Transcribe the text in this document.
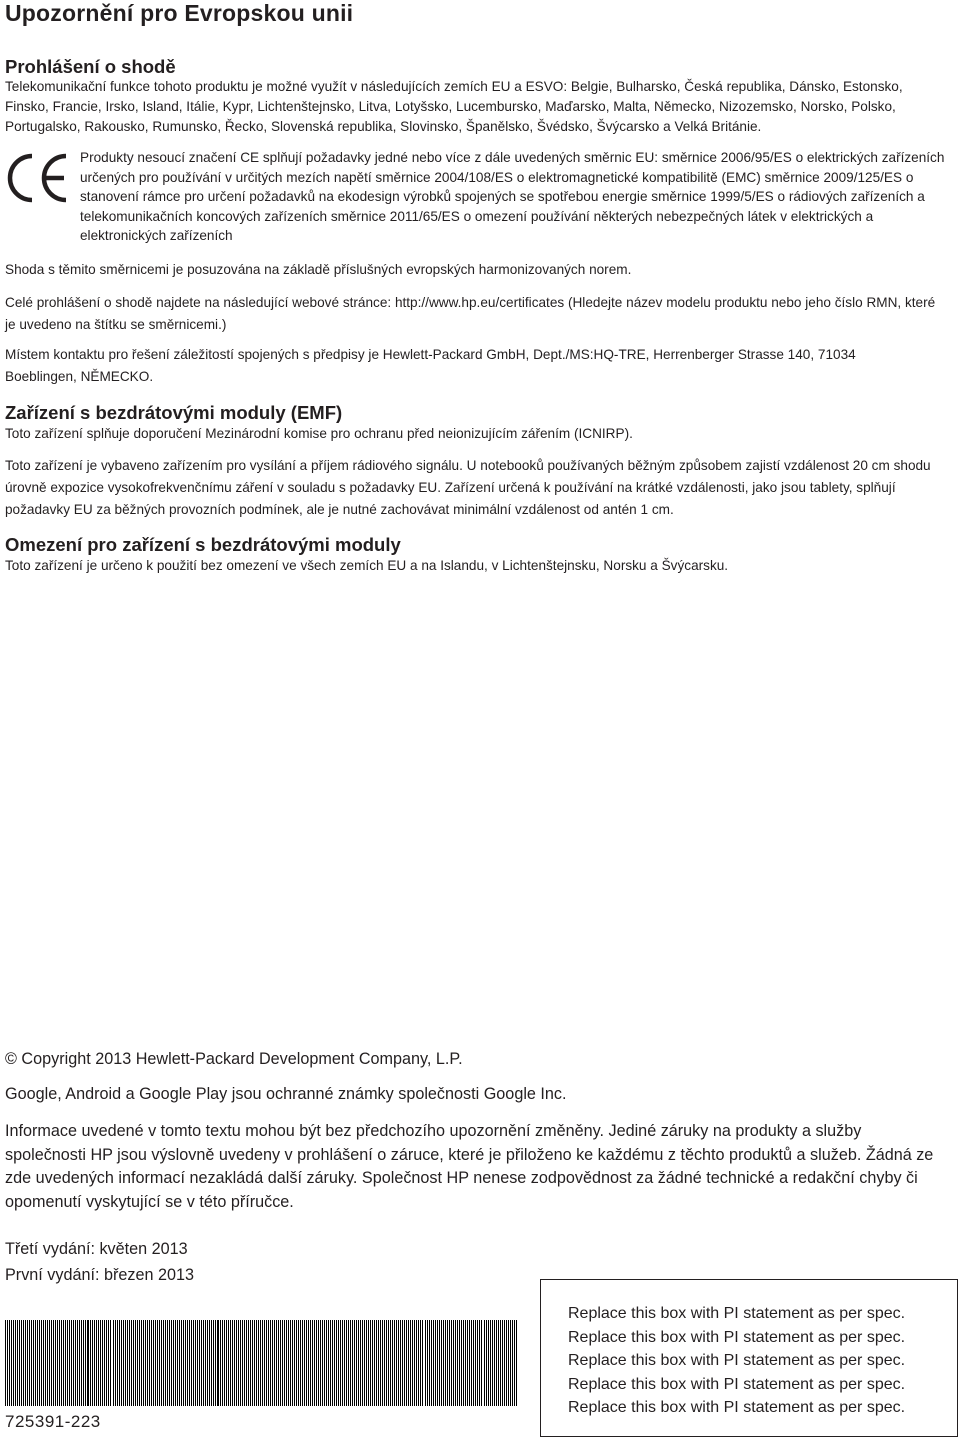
Upozornění pro Evropskou unii
Prohlášení o shodě
Telekomunikační funkce tohoto produktu je možné využít v následujících zemích EU a ESVO: Belgie, Bulharsko, Česká republika, Dánsko, Estonsko, Finsko, Francie, Irsko, Island, Itálie, Kypr, Lichtenštejnsko, Litva, Lotyšsko, Lucembursko, Maďarsko, Malta, Německo, Nizozemsko, Norsko, Polsko, Portugalsko, Rakousko, Rumunsko, Řecko, Slovenská republika, Slovinsko, Španělsko, Švédsko, Švýcarsko a Velká Británie.
Produkty nesoucí značení CE splňují požadavky jedné nebo více z dále uvedených směrnic EU: směrnice 2006/95/ES o elektrických zařízeních určených pro používání v určitých mezích napětí směrnice 2004/108/ES o elektromagnetické kompatibilitě (EMC) směrnice 2009/125/ES o stanovení rámce pro určení požadavků na ekodesign výrobků spojených se spotřebou energie směrnice 1999/5/ES o rádiových zařízeních a telekomunikačních koncových zařízeních směrnice 2011/65/ES o omezení používání některých nebezpečných látek v elektrických a elektronických zařízeních
Shoda s těmito směrnicemi je posuzována na základě příslušných evropských harmonizovaných norem.
Celé prohlášení o shodě najdete na následující webové stránce: http://www.hp.eu/certificates (Hledejte název modelu produktu nebo jeho číslo RMN, které je uvedeno na štítku se směrnicemi.)
Místem kontaktu pro řešení záležitostí spojených s předpisy je Hewlett-Packard GmbH, Dept./MS:HQ-TRE, Herrenberger Strasse 140, 71034 Boeblingen, NĚMECKO.
Zařízení s bezdrátovými moduly (EMF)
Toto zařízení splňuje doporučení Mezinárodní komise pro ochranu před neionizujícím zářením (ICNIRP).
Toto zařízení je vybaveno zařízením pro vysílání a příjem rádiového signálu. U notebooků používaných běžným způsobem zajistí vzdálenost 20 cm shodu úrovně expozice vysokofrekvenčnímu záření v souladu s požadavky EU. Zařízení určená k používání na krátké vzdálenosti, jako jsou tablety, splňují požadavky EU za běžných provozních podmínek, ale je nutné zachovávat minimální vzdálenost od antén 1 cm.
Omezení pro zařízení s bezdrátovými moduly
Toto zařízení je určeno k použití bez omezení ve všech zemích EU a na Islandu, v Lichtenštejnsku, Norsku a Švýcarsku.
© Copyright 2013 Hewlett-Packard Development Company, L.P.
Google, Android a Google Play jsou ochranné známky společnosti Google Inc.
Informace uvedené v tomto textu mohou být bez předchozího upozornění změněny. Jediné záruky na produkty a služby společnosti HP jsou výslovně uvedeny v prohlášení o záruce, které je přiloženo ke každému z těchto produktů a služeb. Žádná ze zde uvedených informací nezakládá další záruky. Společnost HP nenese zodpovědnost za žádné technické a redakční chyby či opomenutí vyskytující se v této příručce.
Třetí vydání: květen 2013
První vydání: březen 2013
Replace this box with PI statement as per spec.
Replace this box with PI statement as per spec.
Replace this box with PI statement as per spec.
Replace this box with PI statement as per spec.
Replace this box with PI statement as per spec.
725391-223
